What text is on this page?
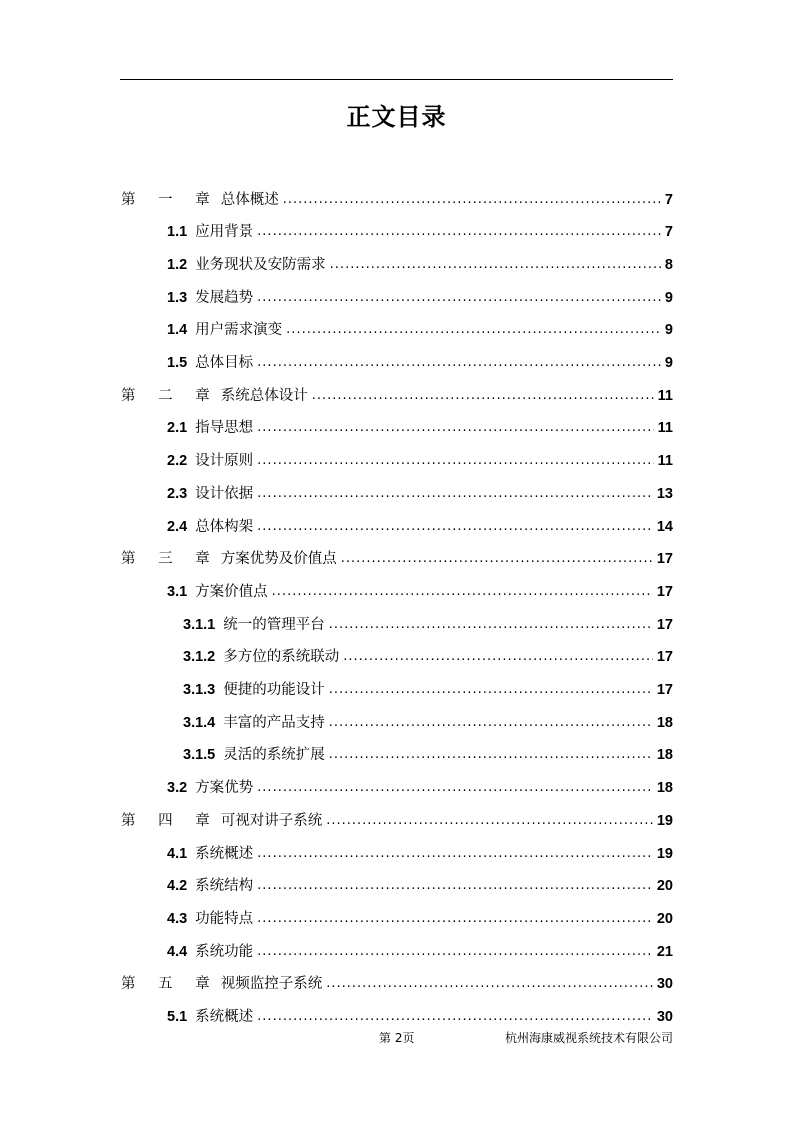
正文目录
第 一 章 总体概述 .....	7
1.1 应用背景 .....	7
1.2 业务现状及安防需求 .....	8
1.3 发展趋势 .....	9
1.4 用户需求演变 .....	9
1.5 总体目标 .....	9
第 二 章 系统总体设计 .....	11
2.1 指导思想 .....	11
2.2 设计原则 .....	11
2.3 设计依据 .....	13
2.4 总体构架 .....	14
第 三 章 方案优势及价值点 .....	17
3.1 方案价值点 .....	17
3.1.1 统一的管理平台 .....	17
3.1.2 多方位的系统联动 .....	17
3.1.3 便捷的功能设计 .....	17
3.1.4 丰富的产品支持 .....	18
3.1.5 灵活的系统扩展 .....	18
3.2 方案优势 .....	18
第 四 章 可视对讲子系统 .....	19
4.1 系统概述 .....	19
4.2 系统结构 .....	20
4.3 功能特点 .....	20
4.4 系统功能 .....	21
第 五 章 视频监控子系统 .....	30
5.1 系统概述 .....	30
第 2页	杭州海康威视系统技术有限公司
